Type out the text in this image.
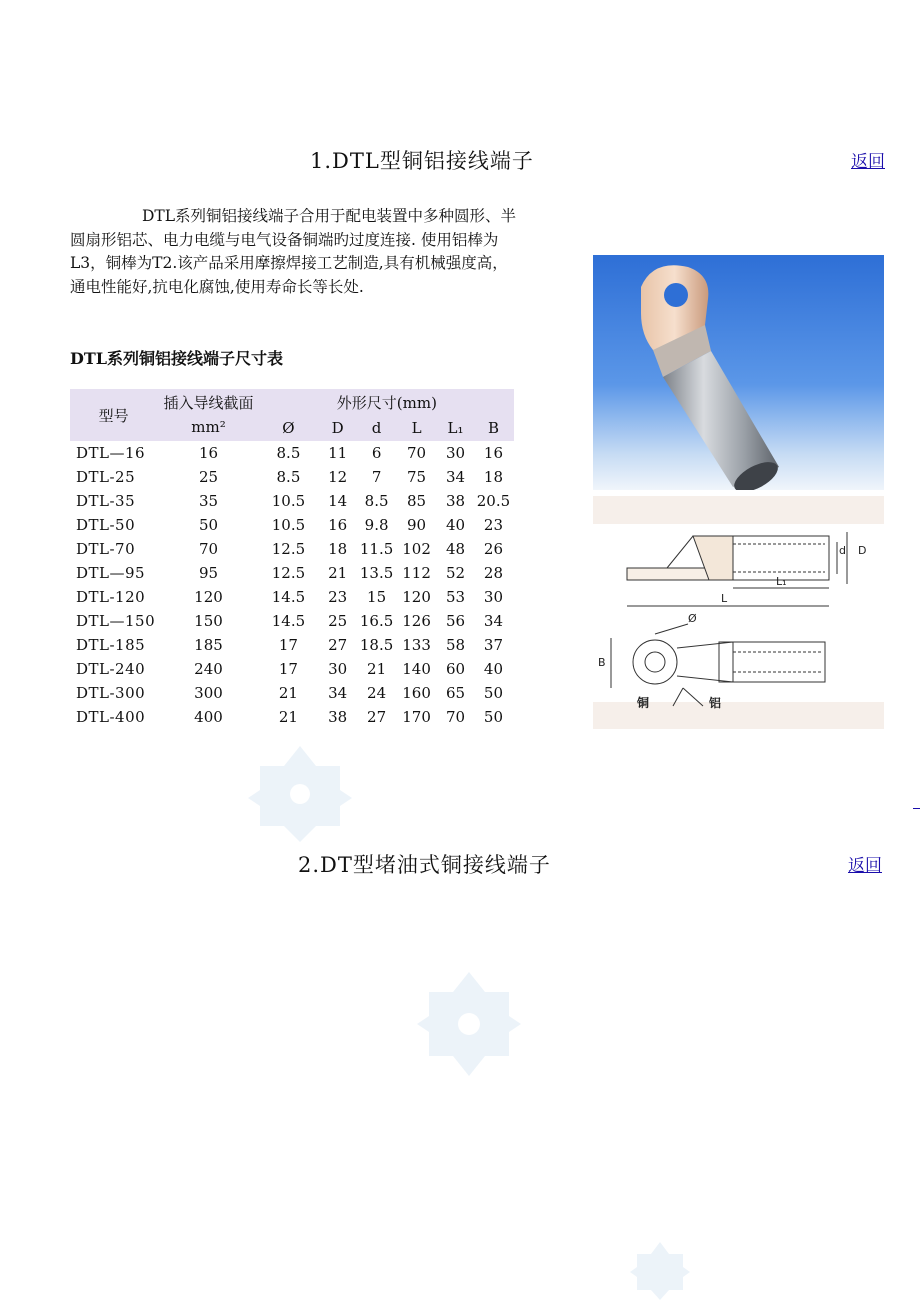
1.DTL型铜铝接线端子	返回

DTL系列铜铝接线端子合用于配电装置中多种圆形、半圆扇形铝芯、电力电缆与电气设备铜端旳过度连接. 使用铝棒为L3，铜棒为T2.该产品采用摩擦焊接工艺制造,具有机械强度高，通电性能好,抗电化腐蚀,使用寿命长等长处.

DTL系列铜铝接线端子尺寸表
型号	插入导线截面mm²	外形尺寸(mm)					
		Ø	D	d	L	L₁	B
DTL—16	16	8.5	11	6	70	30	16
DTL-25	25	8.5	12	7	75	34	18
DTL-35	35	10.5	14	8.5	85	38	20.5
DTL-50	50	10.5	16	9.8	90	40	23
DTL-70	70	12.5	18	11.5	102	48	26
DTL—95	95	12.5	21	13.5	112	52	28
DTL-120	120	14.5	23	15	120	53	30
DTL—150	150	14.5	25	16.5	126	56	34
DTL-185	185	17	27	18.5	133	58	37
DTL-240	240	17	30	21	140	60	40
DTL-300	300	21	34	24	160	65	50
DTL-400	400	21	38	27	170	70	50
d D
L₁
L
Ø
B
铜	铝
2.DT型堵油式铜接线端子	返回
